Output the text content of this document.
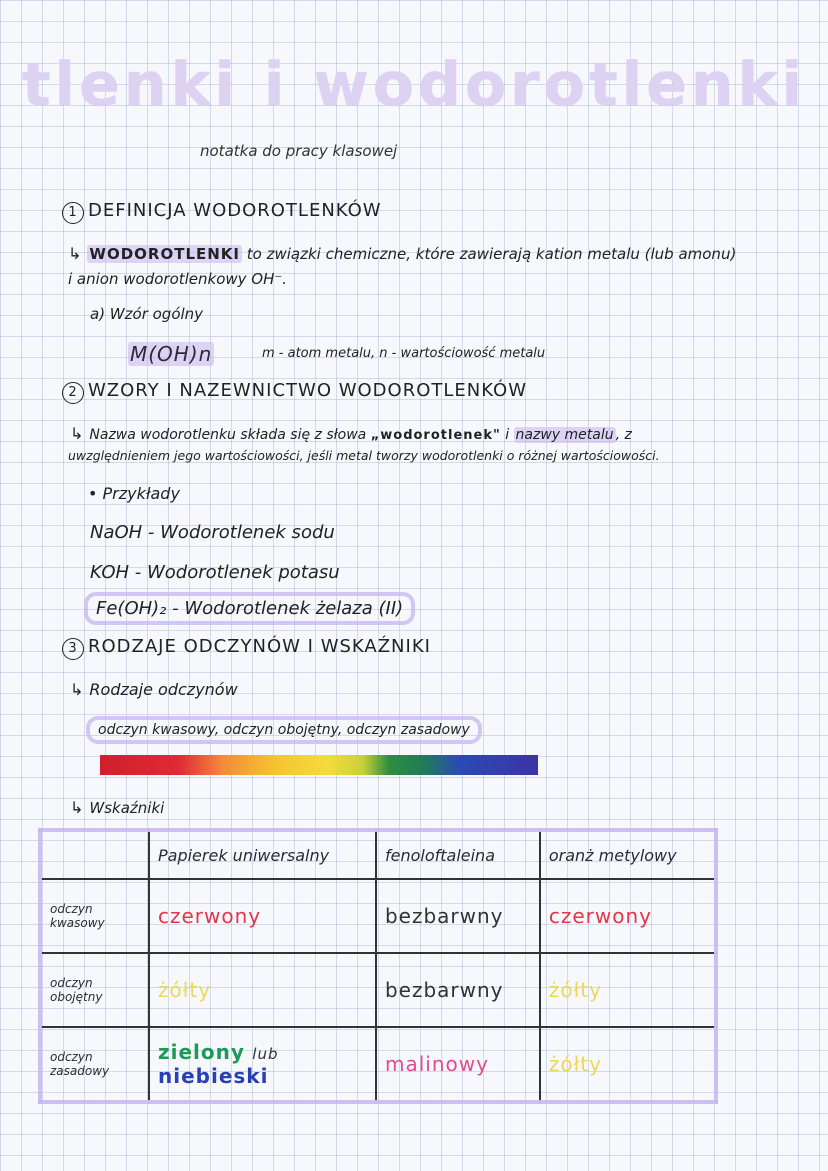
tlenki i wodorotlenki
notatka do pracy klasowej
1 DEFINICJA WODOROTLENKÓW
↳ WODOROTLENKI to związki chemiczne, które zawierają kation metalu (lub amonu)
i anion wodorotlenkowy OH⁻.
a) Wzór ogólny
M(OH)n	m - atom metalu, n - wartościowość metalu
2 WZORY I NAZEWNICTWO WODOROTLENKÓW
↳ Nazwa wodorotlenku składa się z słowa „wodorotlenek" i nazwy metalu , z
uwzględnieniem jego wartościowości, jeśli metal tworzy wodorotlenki o różnej wartościowości.
• Przykłady
NaOH - Wodorotlenek sodu
KOH - Wodorotlenek potasu
Fe(OH)₂ - Wodorotlenek żelaza (II)
3 RODZAJE ODCZYNÓW I WSKAŹNIKI
↳ Rodzaje odczynów
odczyn kwasowy, odczyn obojętny, odczyn zasadowy
↳ Wskaźniki
	Papierek uniwersalny	fenoloftaleina	oranż metylowy
odczyn kwasowy	czerwony	bezbarwny	czerwony
odczyn obojętny	żółty	bezbarwny	żółty
odczyn zasadowy	zielony lub
niebieski	malinowy	żółty
